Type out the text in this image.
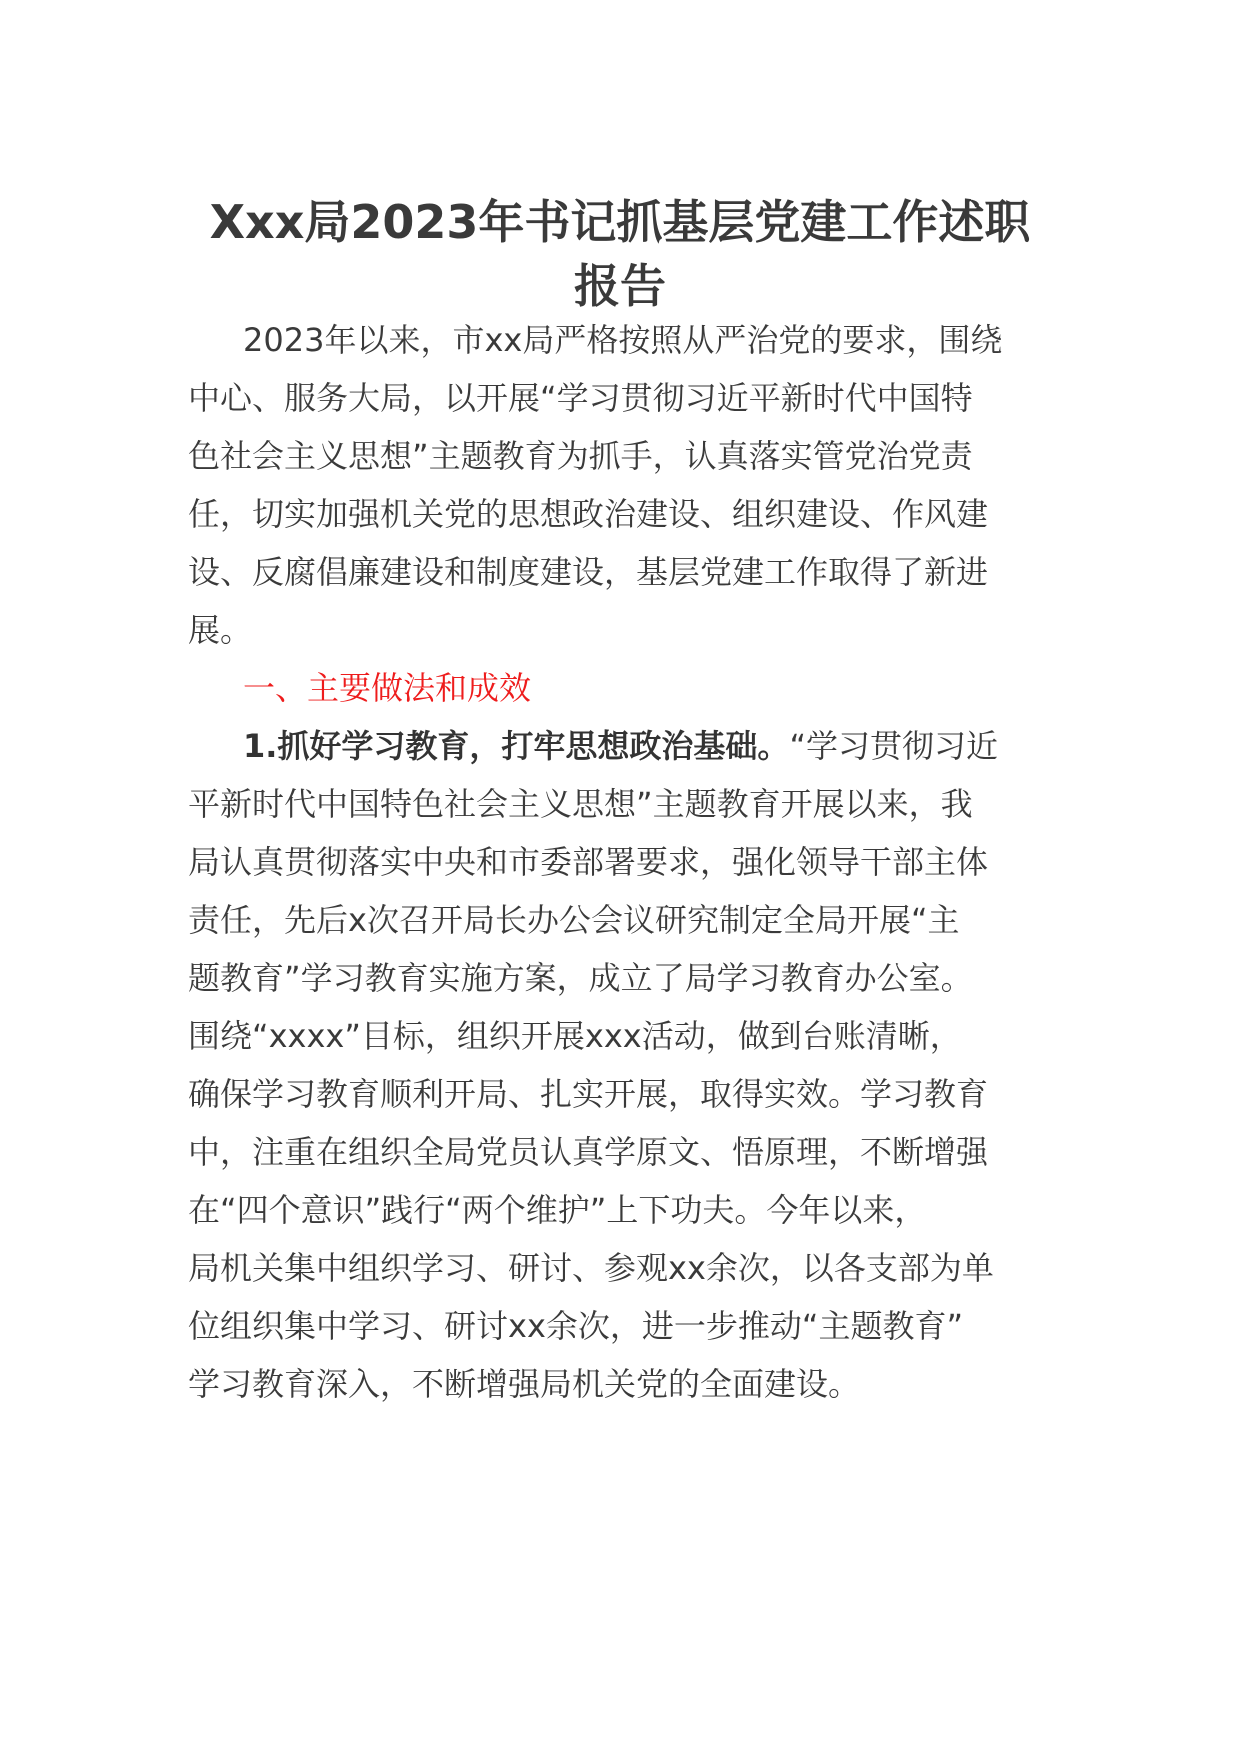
Xxx局2023年书记抓基层党建工作述职
报告
2023年以来，市xx局严格按照从严治党的要求，围绕
中心、服务大局，以开展“学习贯彻习近平新时代中国特
色社会主义思想”主题教育为抓手，认真落实管党治党责
任，切实加强机关党的思想政治建设、组织建设、作风建
设、反腐倡廉建设和制度建设，基层党建工作取得了新进
展。
一、主要做法和成效
1.抓好学习教育，打牢思想政治基础。“学习贯彻习近
平新时代中国特色社会主义思想”主题教育开展以来，我
局认真贯彻落实中央和市委部署要求，强化领导干部主体
责任，先后x次召开局长办公会议研究制定全局开展“主
题教育”学习教育实施方案，成立了局学习教育办公室。
围绕“xxxx”目标，组织开展xxx活动，做到台账清晰，
确保学习教育顺利开局、扎实开展，取得实效。学习教育
中，注重在组织全局党员认真学原文、悟原理，不断增强
在“四个意识”践行“两个维护”上下功夫。今年以来，
局机关集中组织学习、研讨、参观xx余次，以各支部为单
位组织集中学习、研讨xx余次，进一步推动“主题教育”
学习教育深入，不断增强局机关党的全面建设。
